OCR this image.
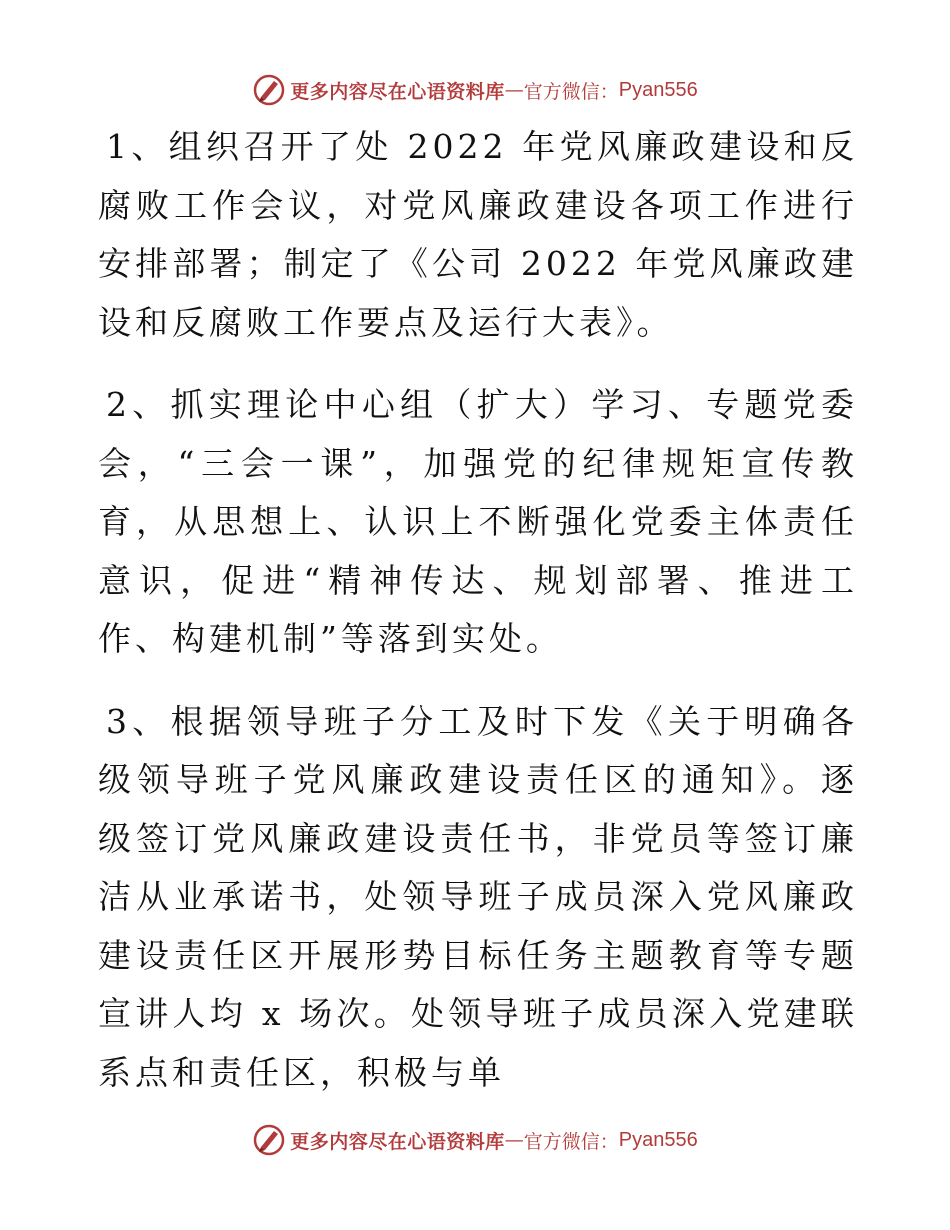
更多内容尽在心语资料库 — 官方微信： Pyan556

1、组织召开了处 2022 年党风廉政建设和反腐败工作会议，对党风廉政建设各项工作进行安排部署；制定了《公司 2022 年党风廉政建设和反腐败工作要点及运行大表》。

2、抓实理论中心组（扩大）学习、专题党委会，“三会一课”，加强党的纪律规矩宣传教育，从思想上、认识上不断强化党委主体责任意识，促进“精神传达、规划部署、推进工作、构建机制”等落到实处。

3、根据领导班子分工及时下发《关于明确各级领导班子党风廉政建设责任区的通知》。逐级签订党风廉政建设责任书，非党员等签订廉洁从业承诺书，处领导班子成员深入党风廉政建设责任区开展形势目标任务主题教育等专题宣讲人均 x 场次。处领导班子成员深入党建联系点和责任区，积极与单

更多内容尽在心语资料库 — 官方微信： Pyan556
